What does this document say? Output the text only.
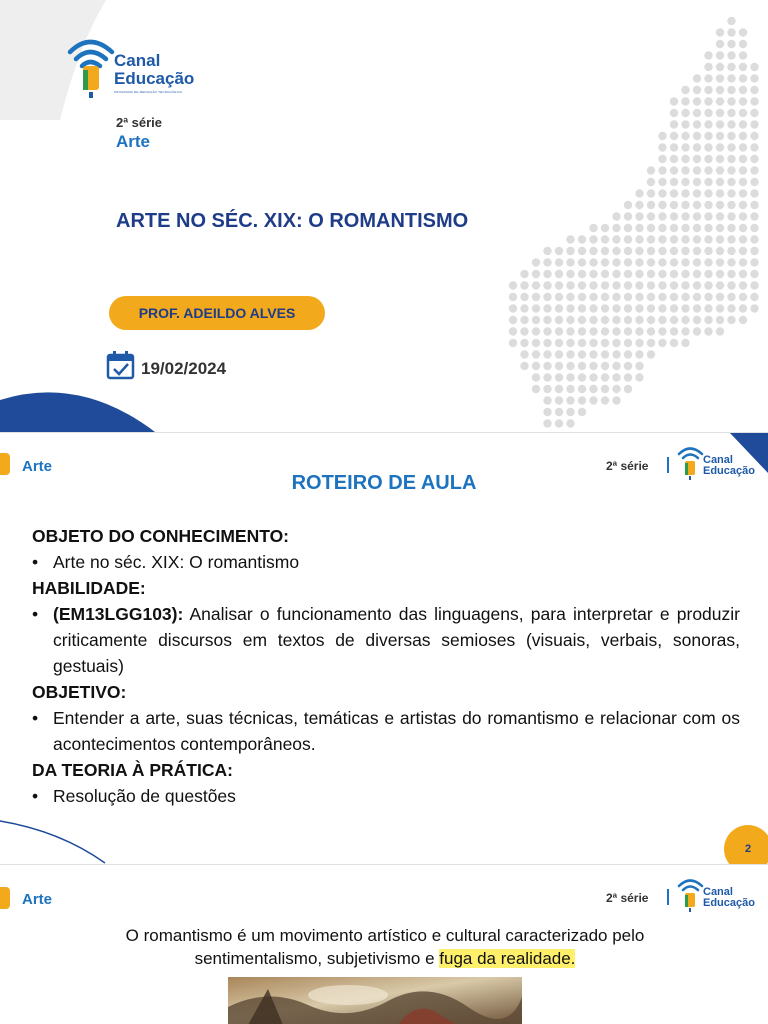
Canal
Educação
PROGRAMA DE MEDIAÇÃO TECNOLÓGICA
2ª série
Arte
ARTE NO SÉC. XIX: O ROMANTISMO
PROF. ADEILDO ALVES
19/02/2024
Arte	2ª série	Canal
Educação
ROTEIRO DE AULA
OBJETO DO CONHECIMENTO:
• Arte no séc. XIX: O romantismo
HABILIDADE:
• (EM13LGG103): Analisar o funcionamento das linguagens, para interpretar e produzir criticamente discursos em textos de diversas semioses (visuais, verbais, sonoras, gestuais)
OBJETIVO:
• Entender a arte, suas técnicas, temáticas e artistas do romantismo e relacionar com os acontecimentos contemporâneos.
DA TEORIA À PRÁTICA:
• Resolução de questões
2
Arte	2ª série	Canal
Educação
O romantismo é um movimento artístico e cultural caracterizado pelo
sentimentalismo, subjetivismo e fuga da realidade.
